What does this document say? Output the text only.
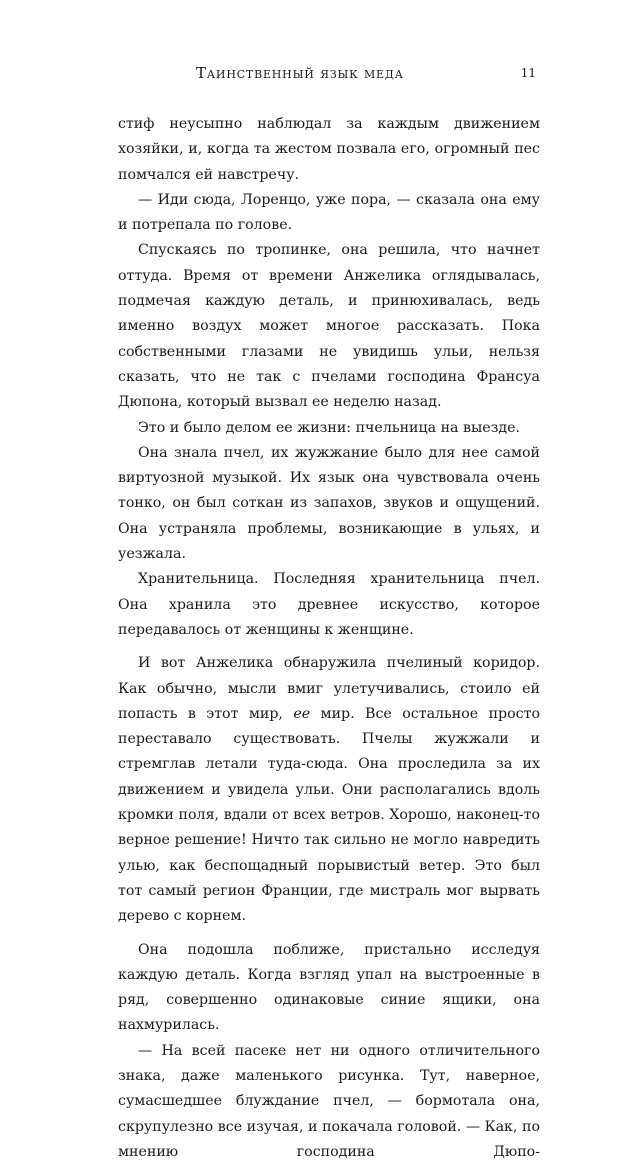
Таинственный язык меда	11

стиф неусыпно наблюдал за каждым движением хозяйки, и, когда та жестом позвала его, огромный пес помчался ей навстречу.

— Иди сюда, Лоренцо, уже пора, — сказала она ему и потрепала по голове.

Спускаясь по тропинке, она решила, что начнет оттуда. Время от времени Анжелика оглядывалась, подмечая каждую деталь, и принюхивалась, ведь именно воздух может многое рассказать. Пока собственными глазами не увидишь ульи, нельзя сказать, что не так с пчелами господина Франсуа Дюпона, который вызвал ее неделю назад.

Это и было делом ее жизни: пчельница на выезде.

Она знала пчел, их жужжание было для нее самой виртуозной музыкой. Их язык она чувствовала очень тонко, он был соткан из запахов, звуков и ощущений. Она устраняла проблемы, возникающие в ульях, и уезжала.

Хранительница. Последняя хранительница пчел. Она хранила это древнее искусство, которое передавалось от женщины к женщине.

И вот Анжелика обнаружила пчелиный коридор. Как обычно, мысли вмиг улетучивались, стоило ей попасть в этот мир, ее мир. Все остальное просто переставало существовать. Пчелы жужжали и стремглав летали туда-сюда. Она проследила за их движением и увидела ульи. Они располагались вдоль кромки поля, вдали от всех ветров. Хорошо, наконец-то верное решение! Ничто так сильно не могло навредить улью, как беспощадный порывистый ветер. Это был тот самый регион Франции, где мистраль мог вырвать дерево с корнем.

Она подошла поближе, пристально исследуя каждую деталь. Когда взгляд упал на выстроенные в ряд, совершенно одинаковые синие ящики, она нахмурилась.

— На всей пасеке нет ни одного отличительного знака, даже маленького рисунка. Тут, наверное, сумасшедшее блуждание пчел, — бормотала она, скрупулезно все изучая, и покачала головой. — Как, по мнению господина Дюпо-
